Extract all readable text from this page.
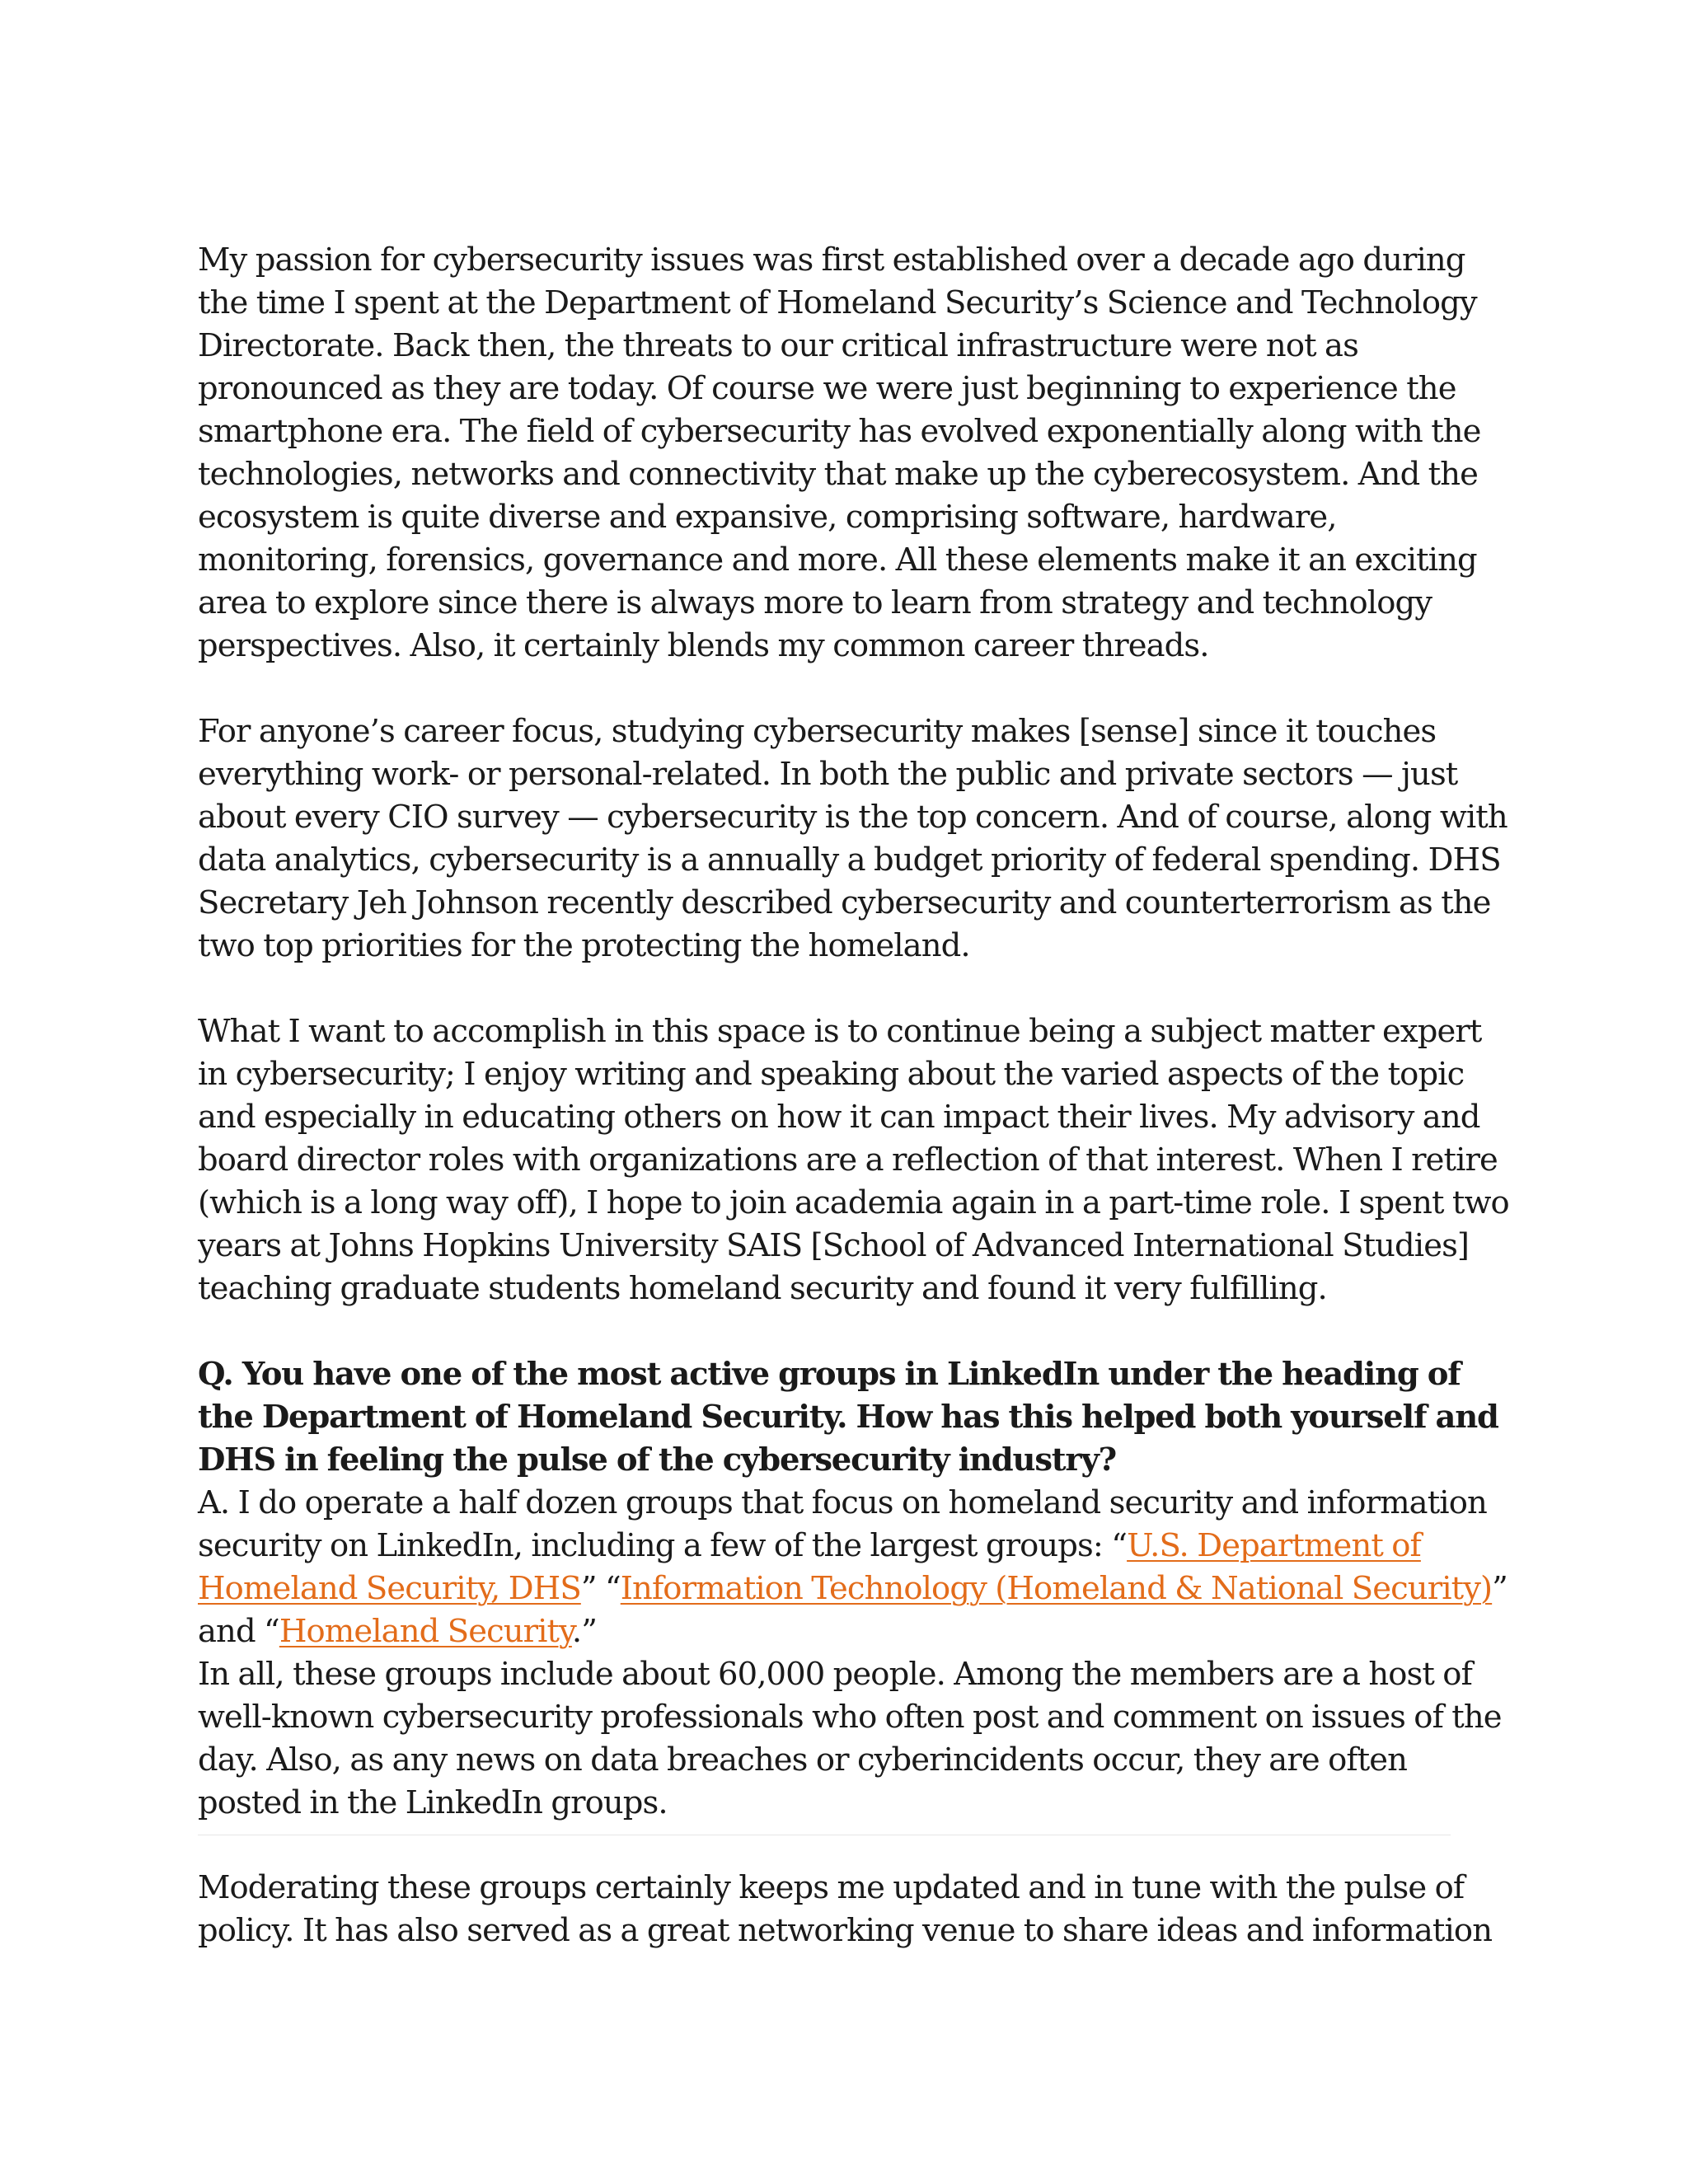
My passion for cybersecurity issues was first established over a decade ago during the time I spent at the Department of Homeland Security’s Science and Technology Directorate. Back then, the threats to our critical infrastructure were not as pronounced as they are today. Of course we were just beginning to experience the smartphone era. The field of cybersecurity has evolved exponentially along with the technologies, networks and connectivity that make up the cyberecosystem. And the ecosystem is quite diverse and expansive, comprising software, hardware, monitoring, forensics, governance and more. All these elements make it an exciting area to explore since there is always more to learn from strategy and technology perspectives. Also, it certainly blends my common career threads.

For anyone’s career focus, studying cybersecurity makes [sense] since it touches everything work- or personal-related. In both the public and private sectors — just about every CIO survey — cybersecurity is the top concern. And of course, along with data analytics, cybersecurity is a annually a budget priority of federal spending. DHS Secretary Jeh Johnson recently described cybersecurity and counterterrorism as the two top priorities for the protecting the homeland.

What I want to accomplish in this space is to continue being a subject matter expert in cybersecurity; I enjoy writing and speaking about the varied aspects of the topic and especially in educating others on how it can impact their lives. My advisory and board director roles with organizations are a reflection of that interest. When I retire (which is a long way off), I hope to join academia again in a part-time role. I spent two years at Johns Hopkins University SAIS [School of Advanced International Studies] teaching graduate students homeland security and found it very fulfilling.

Q. You have one of the most active groups in LinkedIn under the heading of the Department of Homeland Security. How has this helped both yourself and DHS in feeling the pulse of the cybersecurity industry?

A. I do operate a half dozen groups that focus on homeland security and information security on LinkedIn, including a few of the largest groups: “U.S. Department of Homeland Security, DHS” “Information Technology (Homeland & National Security)” and “Homeland Security.”

In all, these groups include about 60,000 people. Among the members are a host of well-known cybersecurity professionals who often post and comment on issues of the day. Also, as any news on data breaches or cyberincidents occur, they are often posted in the LinkedIn groups.

Moderating these groups certainly keeps me updated and in tune with the pulse of policy. It has also served as a great networking venue to share ideas and information
